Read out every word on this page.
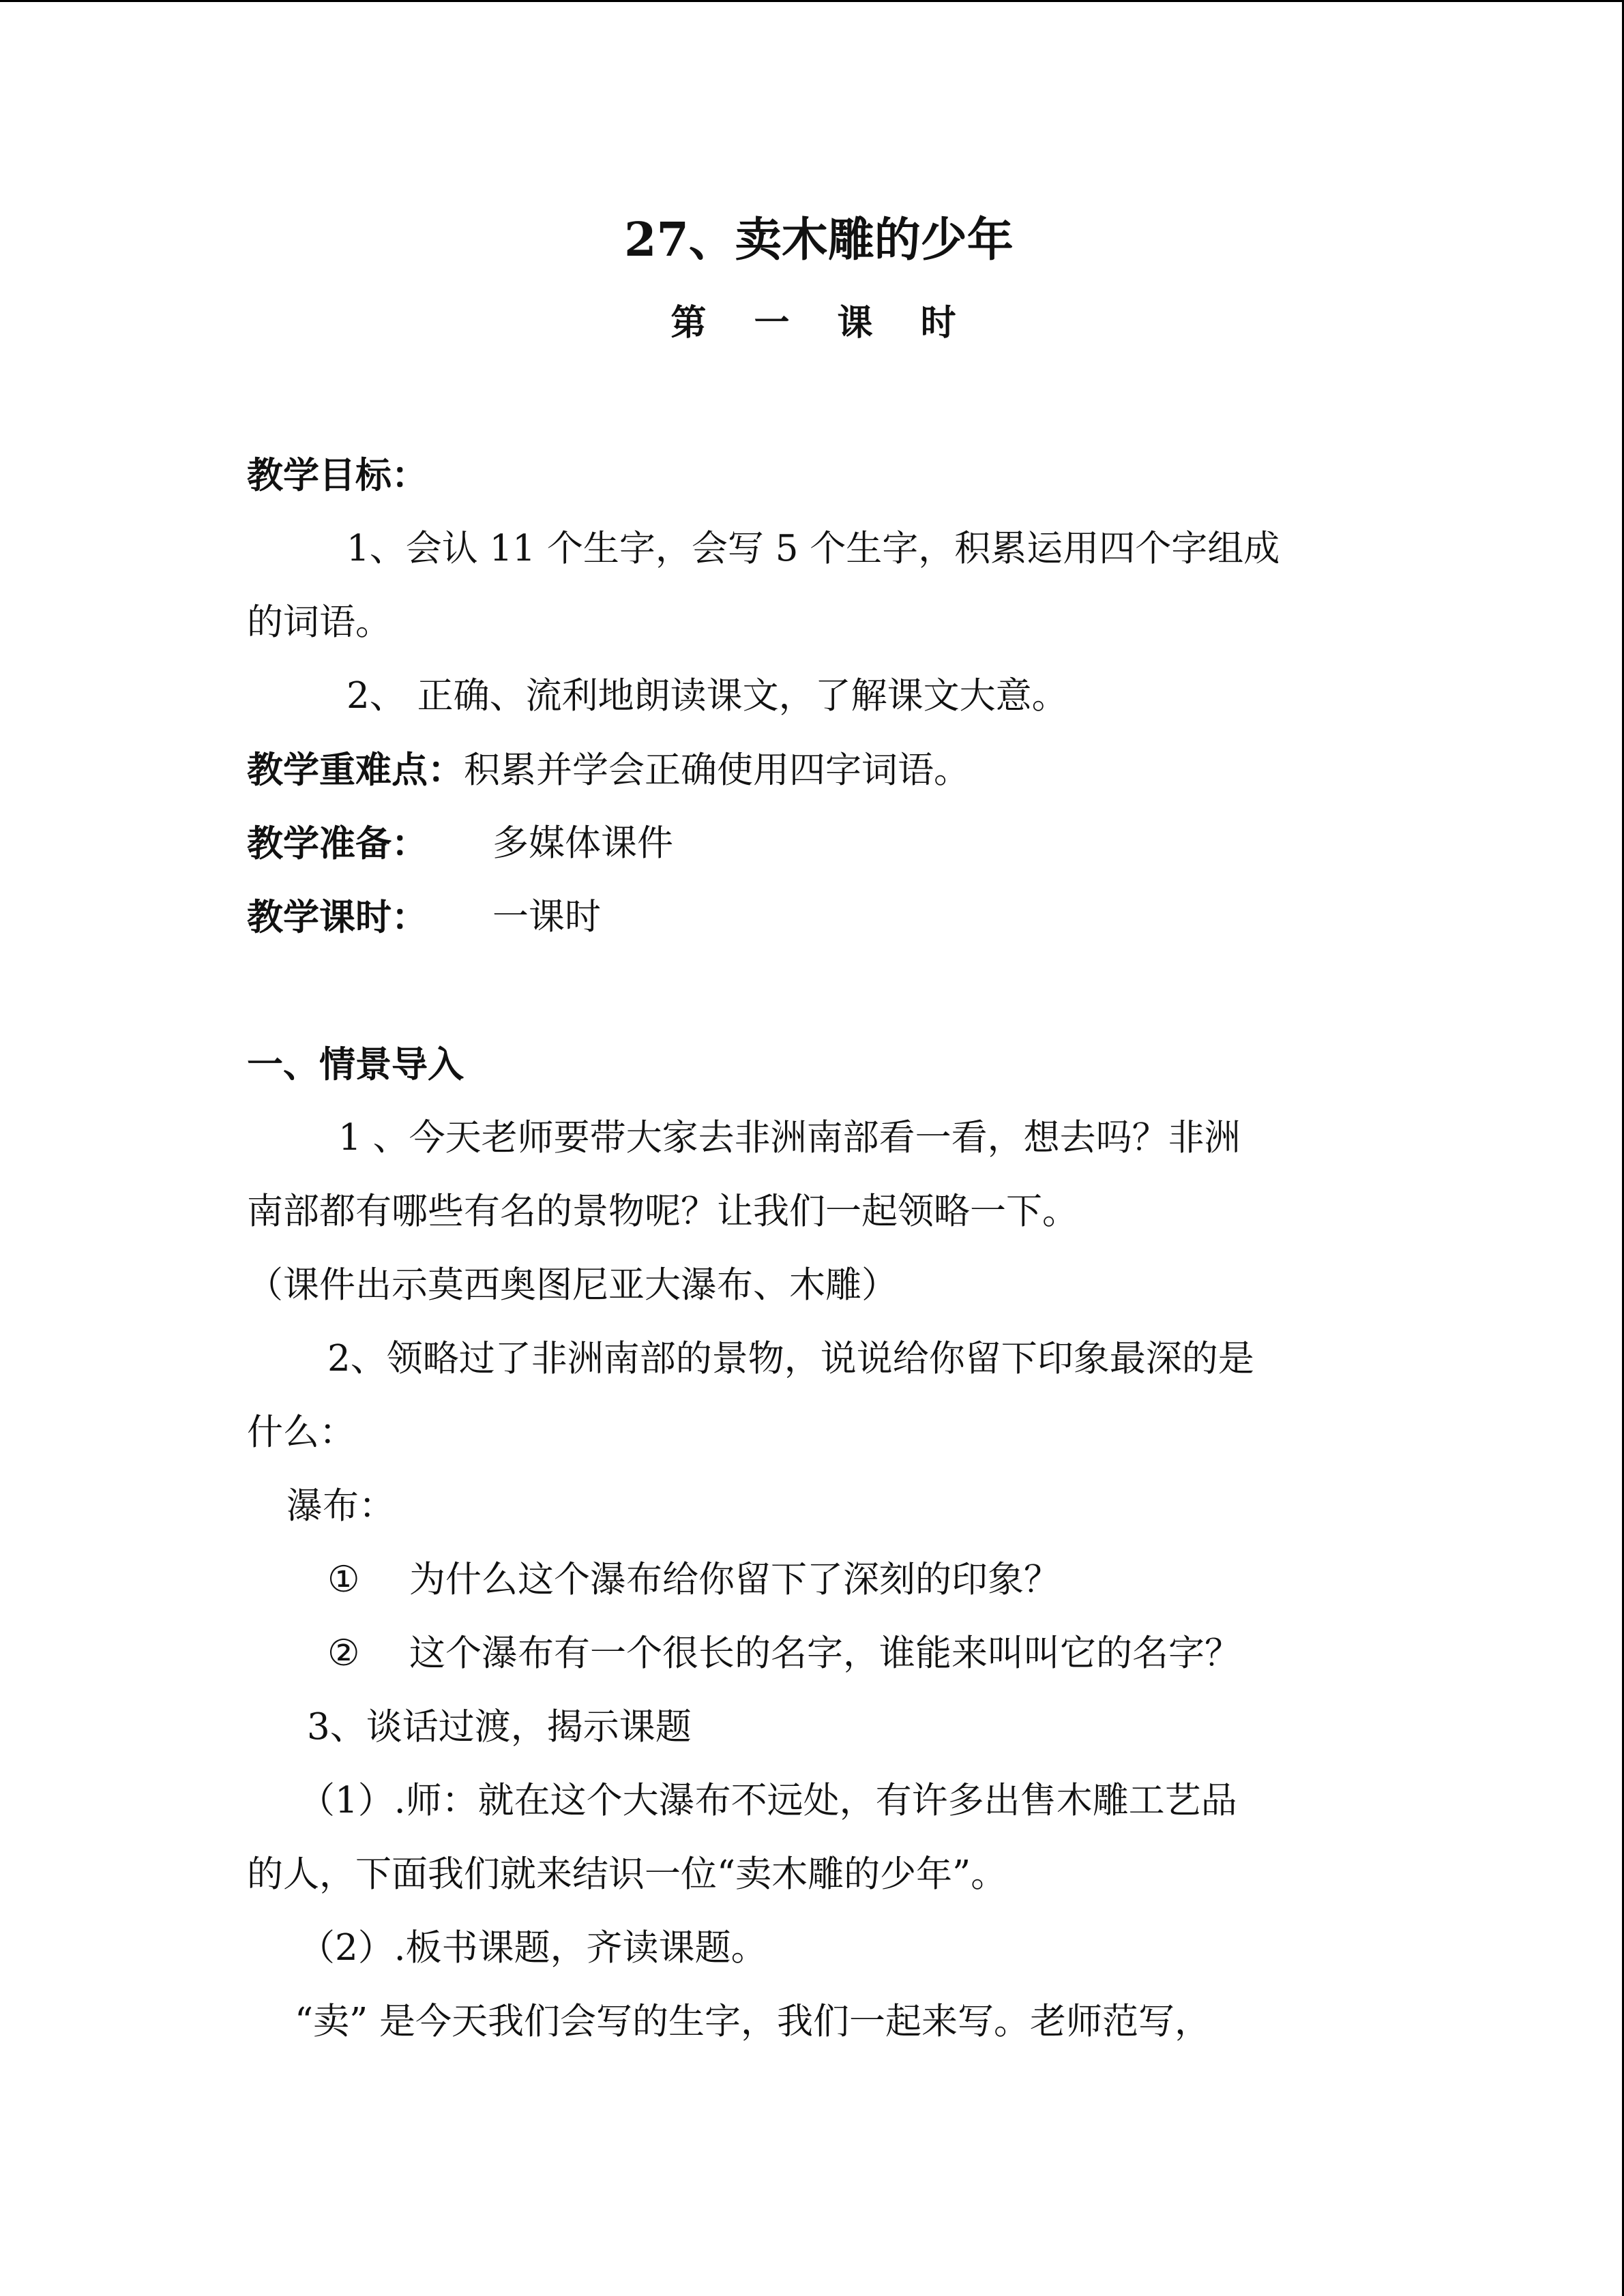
27、卖木雕的少年
第 一 课 时
教学目标：
1、会认 11 个生字，会写 5 个生字，积累运用四个字组成
的词语。
2、 正确、流利地朗读课文，了解课文大意。
教学重难点：积累并学会正确使用四字词语。
教学准备： 多媒体课件
教学课时： 一课时
一、情景导入
1 、今天老师要带大家去非洲南部看一看，想去吗？非洲
南部都有哪些有名的景物呢？让我们一起领略一下。
（课件出示莫西奥图尼亚大瀑布、木雕）
2、领略过了非洲南部的景物，说说给你留下印象最深的是
什么：
瀑布：
① 为什么这个瀑布给你留下了深刻的印象？
② 这个瀑布有一个很长的名字，谁能来叫叫它的名字？
3、谈话过渡，揭示课题
（1）.师：就在这个大瀑布不远处，有许多出售木雕工艺品
的人，下面我们就来结识一位“卖木雕的少年”。
（2）.板书课题，齐读课题。
“卖” 是今天我们会写的生字，我们一起来写。老师范写，
